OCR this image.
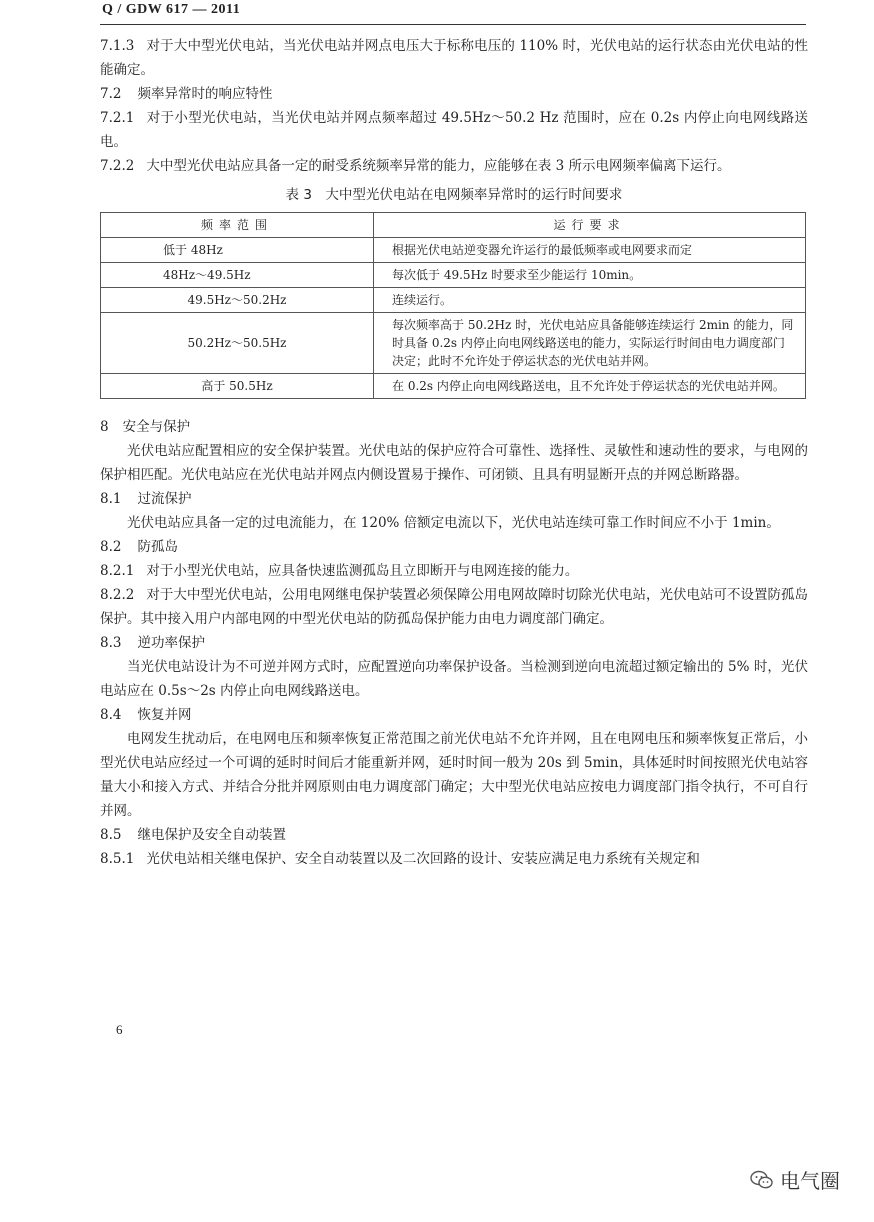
Q / GDW 617 — 2011

7.1.3 对于大中型光伏电站，当光伏电站并网点电压大于标称电压的 110% 时，光伏电站的运行状态由光伏电站的性能确定。

7.2 频率异常时的响应特性

7.2.1 对于小型光伏电站，当光伏电站并网点频率超过 49.5Hz～50.2 Hz 范围时，应在 0.2s 内停止向电网线路送电。

7.2.2 大中型光伏电站应具备一定的耐受系统频率异常的能力，应能够在表 3 所示电网频率偏离下运行。

表 3　大中型光伏电站在电网频率异常时的运行时间要求
频率范围	运行要求
低于 48Hz	根据光伏电站逆变器允许运行的最低频率或电网要求而定
48Hz～49.5Hz	每次低于 49.5Hz 时要求至少能运行 10min。
49.5Hz～50.2Hz	连续运行。
50.2Hz～50.5Hz	每次频率高于 50.2Hz 时，光伏电站应具备能够连续运行 2min 的能力，同时具备 0.2s 内停止向电网线路送电的能力，实际运行时间由电力调度部门决定；此时不允许处于停运状态的光伏电站并网。
高于 50.5Hz	在 0.2s 内停止向电网线路送电，且不允许处于停运状态的光伏电站并网。

8 安全与保护

光伏电站应配置相应的安全保护装置。光伏电站的保护应符合可靠性、选择性、灵敏性和速动性的要求，与电网的保护相匹配。光伏电站应在光伏电站并网点内侧设置易于操作、可闭锁、且具有明显断开点的并网总断路器。

8.1 过流保护

光伏电站应具备一定的过电流能力，在 120% 倍额定电流以下，光伏电站连续可靠工作时间应不小于 1min。

8.2 防孤岛

8.2.1 对于小型光伏电站，应具备快速监测孤岛且立即断开与电网连接的能力。

8.2.2 对于大中型光伏电站，公用电网继电保护装置必须保障公用电网故障时切除光伏电站，光伏电站可不设置防孤岛保护。其中接入用户内部电网的中型光伏电站的防孤岛保护能力由电力调度部门确定。

8.3 逆功率保护

当光伏电站设计为不可逆并网方式时，应配置逆向功率保护设备。当检测到逆向电流超过额定输出的 5% 时，光伏电站应在 0.5s～2s 内停止向电网线路送电。

8.4 恢复并网

电网发生扰动后，在电网电压和频率恢复正常范围之前光伏电站不允许并网，且在电网电压和频率恢复正常后，小型光伏电站应经过一个可调的延时时间后才能重新并网，延时时间一般为 20s 到 5min，具体延时时间按照光伏电站容量大小和接入方式、并结合分批并网原则由电力调度部门确定；大中型光伏电站应按电力调度部门指令执行，不可自行并网。

8.5 继电保护及安全自动装置

8.5.1 光伏电站相关继电保护、安全自动装置以及二次回路的设计、安装应满足电力系统有关规定和

6
电气圈
